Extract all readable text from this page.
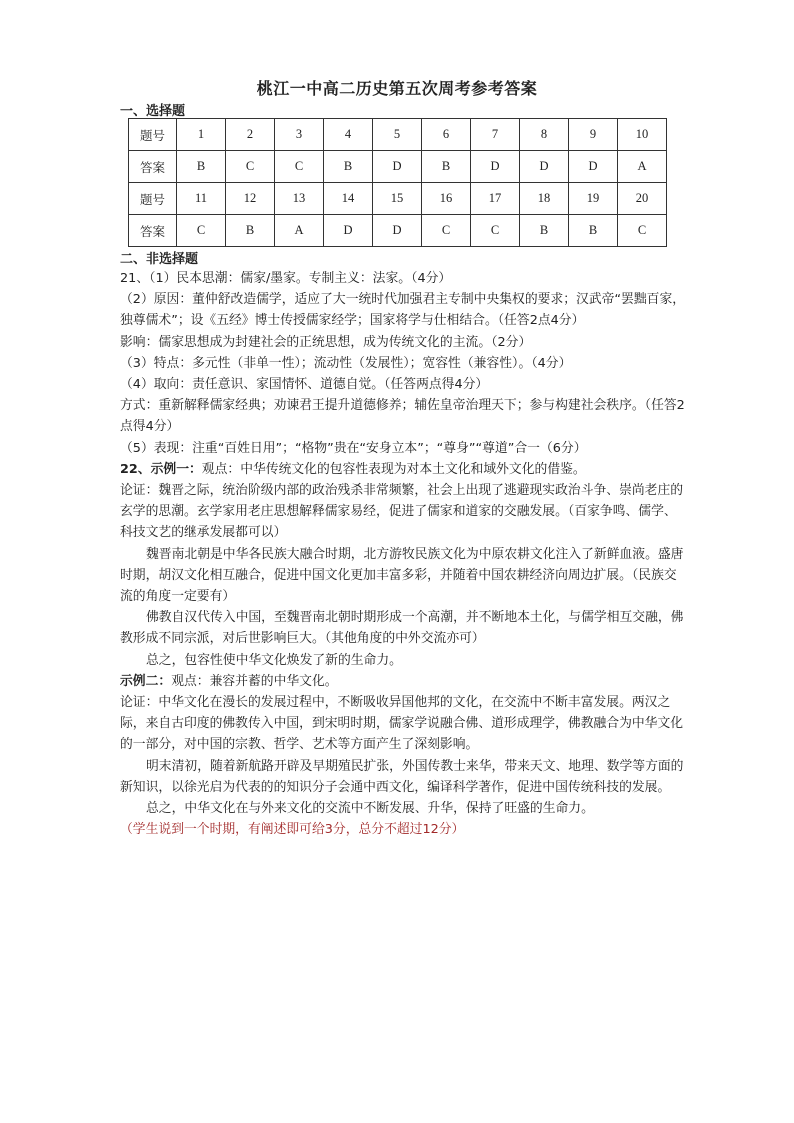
桃江一中高二历史第五次周考参考答案
一、选择题
题号	1	2	3	4	5	6	7	8	9	10
答案	B	C	C	B	D	B	D	D	D	A
题号	11	12	13	14	15	16	17	18	19	20
答案	C	B	A	D	D	C	C	B	B	C
二、非选择题

21、（1）民本思潮：儒家/墨家。专制主义：法家。（4分）

（2）原因：董仲舒改造儒学，适应了大一统时代加强君主专制中央集权的要求；汉武帝“罢黜百家，独尊儒术”；设《五经》博士传授儒家经学；国家将学与仕相结合。（任答2点4分）

影响：儒家思想成为封建社会的正统思想，成为传统文化的主流。（2分）

（3）特点：多元性（非单一性）；流动性（发展性）；宽容性（兼容性）。（4分）

（4）取向：责任意识、家国情怀、道德自觉。（任答两点得4分）

方式：重新解释儒家经典；劝谏君王提升道德修养；辅佐皇帝治理天下；参与构建社会秩序。（任答2点得4分）

（5）表现：注重“百姓日用”；“格物”贵在“安身立本”；“尊身”“尊道”合一（6分）

22、示例一：观点：中华传统文化的包容性表现为对本土文化和域外文化的借鉴。

论证：魏晋之际，统治阶级内部的政治残杀非常频繁，社会上出现了逃避现实政治斗争、崇尚老庄的玄学的思潮。玄学家用老庄思想解释儒家易经，促进了儒家和道家的交融发展。（百家争鸣、儒学、科技文艺的继承发展都可以）

魏晋南北朝是中华各民族大融合时期，北方游牧民族文化为中原农耕文化注入了新鲜血液。盛唐时期，胡汉文化相互融合，促进中国文化更加丰富多彩，并随着中国农耕经济向周边扩展。（民族交流的角度一定要有）

佛教自汉代传入中国，至魏晋南北朝时期形成一个高潮，并不断地本土化，与儒学相互交融，佛教形成不同宗派，对后世影响巨大。（其他角度的中外交流亦可）

总之，包容性使中华文化焕发了新的生命力。

示例二：观点：兼容并蓄的中华文化。

论证：中华文化在漫长的发展过程中，不断吸收异国他邦的文化，在交流中不断丰富发展。两汉之际，来自古印度的佛教传入中国，到宋明时期，儒家学说融合佛、道形成理学，佛教融合为中华文化的一部分，对中国的宗教、哲学、艺术等方面产生了深刻影响。

明末清初，随着新航路开辟及早期殖民扩张，外国传教士来华，带来天文、地理、数学等方面的新知识，以徐光启为代表的的知识分子会通中西文化，编译科学著作，促进中国传统科技的发展。

总之，中华文化在与外来文化的交流中不断发展、升华，保持了旺盛的生命力。

（学生说到一个时期，有阐述即可给3分，总分不超过12分）
